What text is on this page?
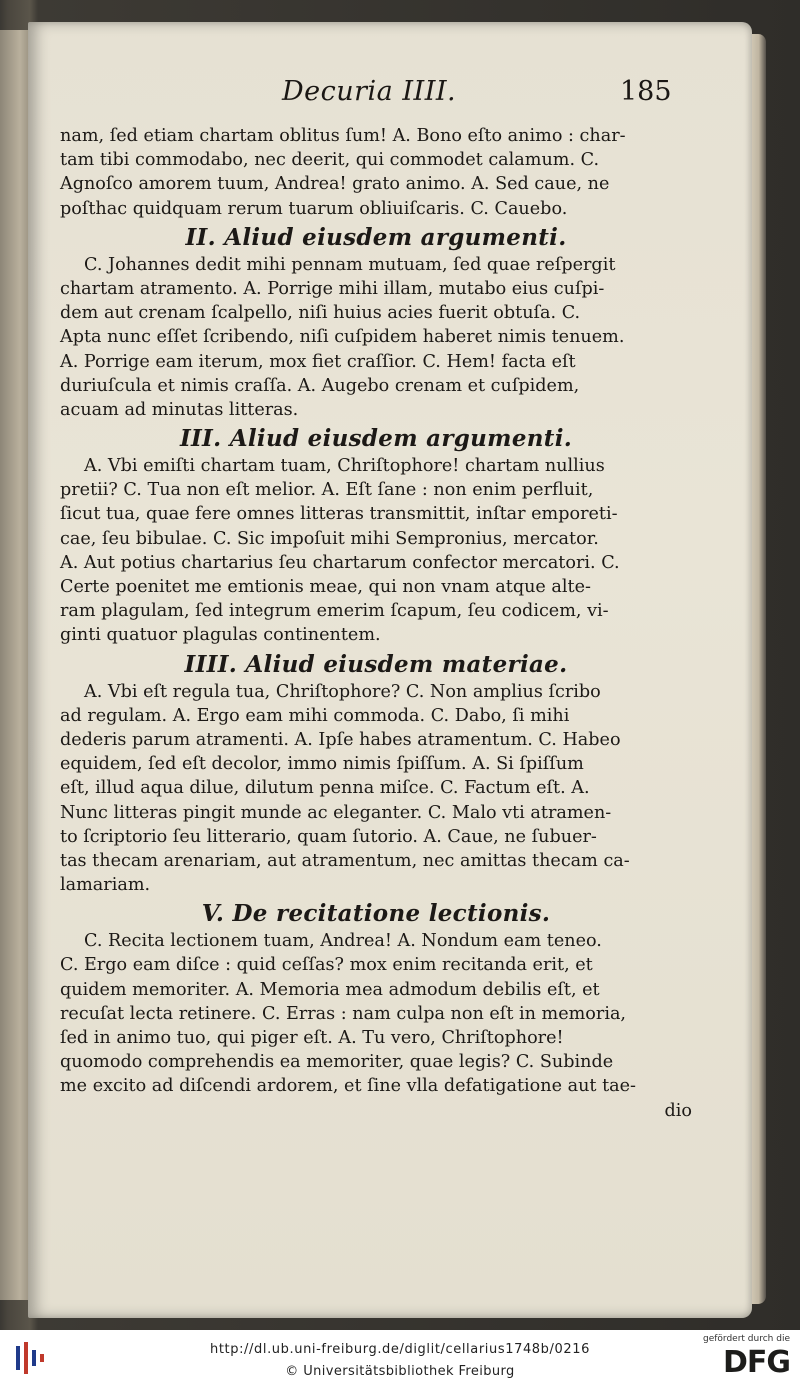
Decuria IIII.	185
nam, ſed etiam chartam oblitus ſum! A. Bono eſto animo : char-
tam tibi commodabo, nec deerit, qui commodet calamum. C.
Agnoſco amorem tuum, Andrea! grato animo. A. Sed caue, ne
poſthac quidquam rerum tuarum obliuiſcaris. C. Cauebo.
II. Aliud eiusdem argumenti.
C. Johannes dedit mihi pennam mutuam, ſed quae reſpergit
chartam atramento. A. Porrige mihi illam, mutabo eius cuſpi-
dem aut crenam ſcalpello, niſi huius acies fuerit obtuſa. C.
Apta nunc eſſet ſcribendo, niſi cuſpidem haberet nimis tenuem.
A. Porrige eam iterum, mox fiet craſſior. C. Hem! facta eſt
duriuſcula et nimis craſſa. A. Augebo crenam et cuſpidem,
acuam ad minutas litteras.
III. Aliud eiusdem argumenti.
A. Vbi emiſti chartam tuam, Chriſtophore! chartam nullius
pretii? C. Tua non eſt melior. A. Eſt ſane : non enim perfluit,
ſicut tua, quae fere omnes litteras transmittit, inſtar emporeti-
cae, ſeu bibulae. C. Sic impoſuit mihi Sempronius, mercator.
A. Aut potius chartarius ſeu chartarum confector mercatori. C.
Certe poenitet me emtionis meae, qui non vnam atque alte-
ram plagulam, ſed integrum emerim ſcapum, ſeu codicem, vi-
ginti quatuor plagulas continentem.
IIII. Aliud eiusdem materiae.
A. Vbi eſt regula tua, Chriſtophore? C. Non amplius ſcribo
ad regulam. A. Ergo eam mihi commoda. C. Dabo, ſi mihi
dederis parum atramenti. A. Ipſe habes atramentum. C. Habeo
equidem, ſed eſt decolor, immo nimis ſpiſſum. A. Si ſpiſſum
eſt, illud aqua dilue, dilutum penna miſce. C. Factum eſt. A.
Nunc litteras pingit munde ac eleganter. C. Malo vti atramen-
to ſcriptorio ſeu litterario, quam ſutorio. A. Caue, ne ſubuer-
tas thecam arenariam, aut atramentum, nec amittas thecam ca-
lamariam.
V. De recitatione lectionis.
C. Recita lectionem tuam, Andrea! A. Nondum eam teneo.
C. Ergo eam diſce : quid ceſſas? mox enim recitanda erit, et
quidem memoriter. A. Memoria mea admodum debilis eſt, et
recuſat lecta retinere. C. Erras : nam culpa non eſt in memoria,
ſed in animo tuo, qui piger eſt. A. Tu vero, Chriſtophore!
quomodo comprehendis ea memoriter, quae legis? C. Subinde
me excito ad diſcendi ardorem, et ſine vlla defatigatione aut tae-
dio
http://dl.ub.uni-freiburg.de/diglit/cellarius1748b/0216
© Universitätsbibliothek Freiburg
gefördert durch die
DFG
